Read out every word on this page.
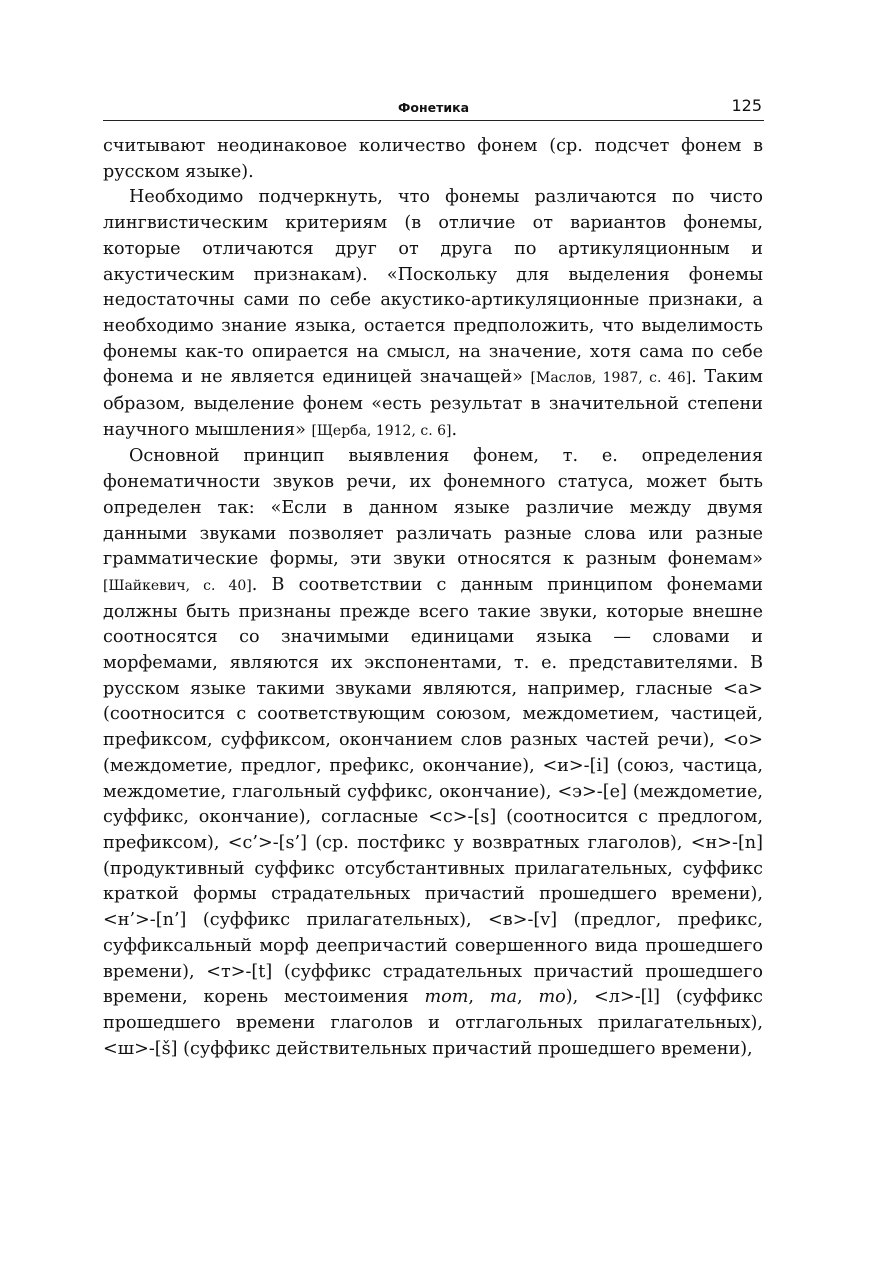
Фонетика	125

считывают неодинаковое количество фонем (ср. подсчет фонем в русском языке).

Необходимо подчеркнуть, что фонемы различаются по чисто лингвистическим критериям (в отличие от вариантов фонемы, которые отличаются друг от друга по артикуляционным и акустическим признакам). «Поскольку для выделения фонемы недостаточны сами по себе акустико-артикуляционные признаки, а необходимо знание языка, остается предположить, что выделимость фонемы как-то опирается на смысл, на значение, хотя сама по себе фонема и не является единицей значащей» [Маслов, 1987, с. 46]. Таким образом, выделение фонем «есть результат в значительной степени научного мышления» [Щерба, 1912, с. 6].

Основной принцип выявления фонем, т. е. определения фонематичности звуков речи, их фонемного статуса, может быть определен так: «Если в данном языке различие между двумя данными звуками позволяет различать разные слова или разные грамматические формы, эти звуки относятся к разным фонемам» [Шайкевич, с. 40]. В соответствии с данным принципом фонемами должны быть признаны прежде всего такие звуки, которые внешне соотносятся со значимыми единицами языка — словами и морфемами, являются их экспонентами, т. е. представителями. В русском языке такими звуками являются, например, гласные <а> (соотносится с соответствующим союзом, междометием, частицей, префиксом, суффиксом, окончанием слов разных частей речи), <о> (междометие, предлог, префикс, окончание), <и>-[i] (союз, частица, междометие, глагольный суффикс, окончание), <э>-[e] (междометие, суффикс, окончание), согласные <с>-[s] (соотносится с предлогом, префиксом), <с’>-[s’] (ср. постфикс у возвратных глаголов), <н>-[n] (продуктивный суффикс отсубстантивных прилагательных, суффикс краткой формы страдательных причастий прошедшего времени), <н’>-[n’] (суффикс прилагательных), <в>-[v] (предлог, префикс, суффиксальный морф деепричастий совершенного вида прошедшего времени), <т>-[t] (суффикс страдательных причастий прошедшего времени, корень местоимения тот, та, то), <л>-[l] (суффикс прошедшего времени глаголов и отглагольных прилагательных), <ш>-[š] (суффикс действительных причастий прошедшего времени),
